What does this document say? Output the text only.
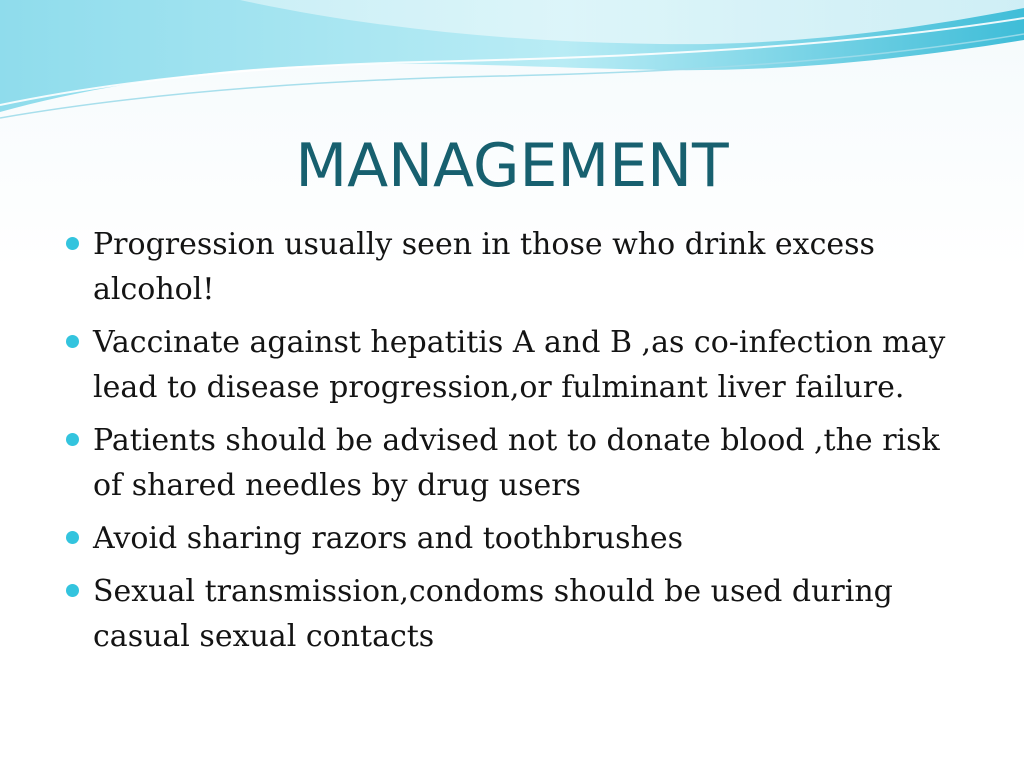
MANAGEMENT
Progression usually seen in those who drink excess alcohol!
Vaccinate against hepatitis A and B ,as co-infection may lead to disease progression,or fulminant liver failure.
Patients should be advised not to donate blood ,the risk of shared needles by drug users
Avoid sharing razors and toothbrushes
Sexual transmission,condoms should be used during casual sexual contacts
